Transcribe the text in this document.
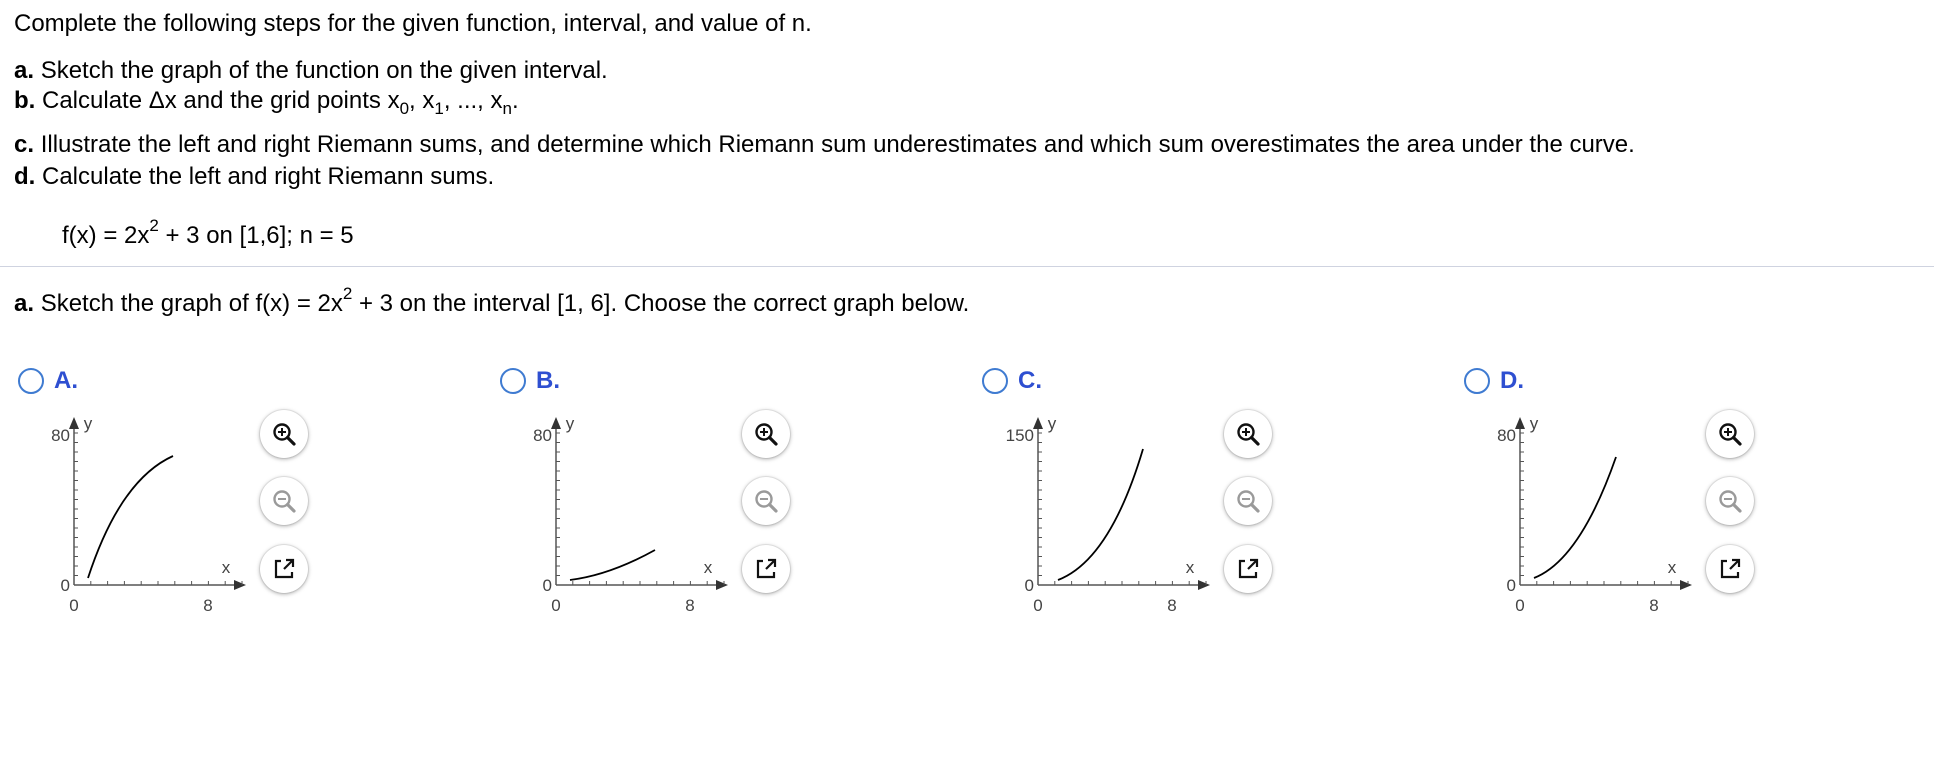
Complete the following steps for the given function, interval, and value of n.
a. Sketch the graph of the function on the given interval.
b. Calculate Δx and the grid points $x_0$, $x_1$, ..., $x_n$.
c. Illustrate the left and right Riemann sums, and determine which Riemann sum underestimates and which sum overestimates the area under the curve.
d. Calculate the left and right Riemann sums.
$f(x) = 2x^2 + 3$ on [1,6]; n = 5
a. Sketch the graph of $f(x) = 2x^2 + 3$ on the interval [1, 6]. Choose the correct graph below.
A.
80
0
0	8
x
y
B.
80
0
0	8
x
y
C.
150
0
0	8
x
y
D.
80
0
0	8
x
y
